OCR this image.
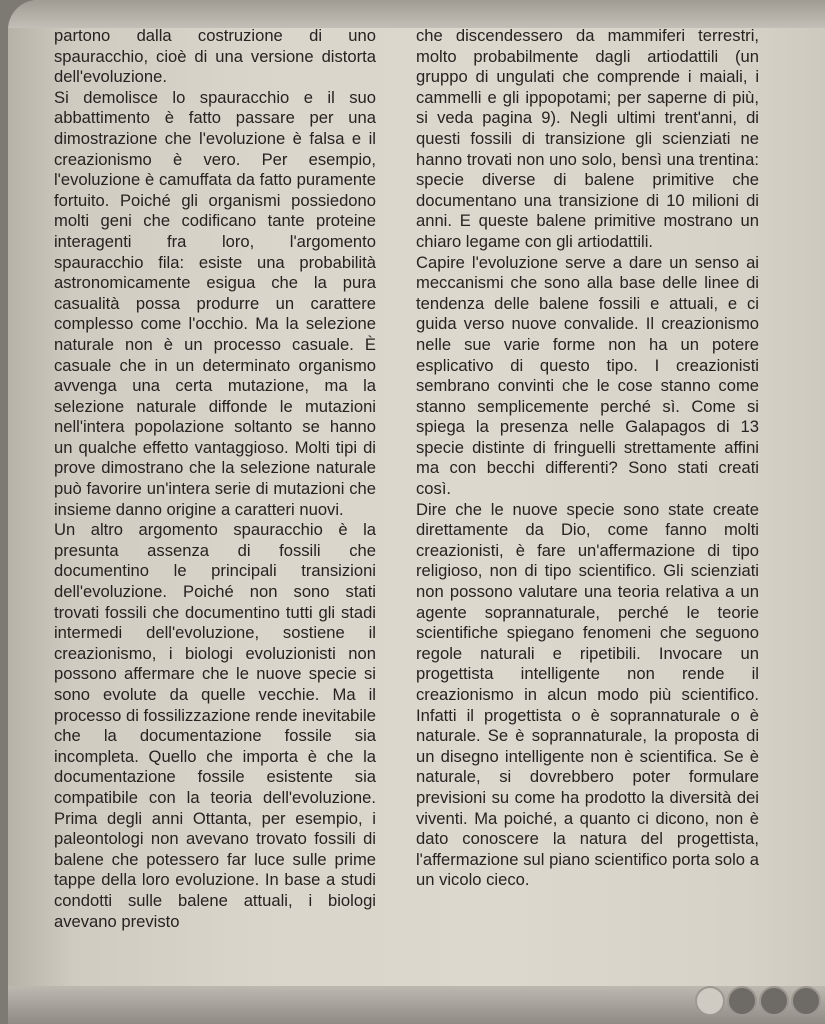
partono dalla costruzione di uno spauracchio, cioè di una versione distorta dell'evoluzione.

Si demolisce lo spauracchio e il suo abbattimento è fatto passare per una dimostrazione che l'evoluzione è falsa e il creazionismo è vero. Per esempio, l'evoluzione è camuffata da fatto puramente fortuito. Poiché gli organismi possiedono molti geni che codificano tante proteine interagenti fra loro, l'argomento spauracchio fila: esiste una probabilità astronomicamente esigua che la pura casualità possa produrre un carattere complesso come l'occhio. Ma la selezione naturale non è un processo casuale. È casuale che in un determinato organismo avvenga una certa mutazione, ma la selezione naturale diffonde le mutazioni nell'intera popolazione soltanto se hanno un qualche effetto vantaggioso. Molti tipi di prove dimostrano che la selezione naturale può favorire un'intera serie di mutazioni che insieme danno origine a caratteri nuovi.

Un altro argomento spauracchio è la presunta assenza di fossili che documentino le principali transizioni dell'evoluzione. Poiché non sono stati trovati fossili che documentino tutti gli stadi intermedi dell'evoluzione, sostiene il creazionismo, i biologi evoluzionisti non possono affermare che le nuove specie si sono evolute da quelle vecchie. Ma il processo di fossilizzazione rende inevitabile che la documentazione fossile sia incompleta. Quello che importa è che la documentazione fossile esistente sia compatibile con la teoria dell'evoluzione. Prima degli anni Ottanta, per esempio, i paleontologi non avevano trovato fossili di balene che potessero far luce sulle prime tappe della loro evoluzione. In base a studi condotti sulle balene attuali, i biologi avevano previsto

che discendessero da mammiferi terrestri, molto probabilmente dagli artiodattili (un gruppo di ungulati che comprende i maiali, i cammelli e gli ippopotami; per saperne di più, si veda pagina 9). Negli ultimi trent'anni, di questi fossili di transizione gli scienziati ne hanno trovati non uno solo, bensì una trentina: specie diverse di balene primitive che documentano una transizione di 10 milioni di anni. E queste balene primitive mostrano un chiaro legame con gli artiodattili.

Capire l'evoluzione serve a dare un senso ai meccanismi che sono alla base delle linee di tendenza delle balene fossili e attuali, e ci guida verso nuove convalide. Il creazionismo nelle sue varie forme non ha un potere esplicativo di questo tipo. I creazionisti sembrano convinti che le cose stanno come stanno semplicemente perché sì. Come si spiega la presenza nelle Galapagos di 13 specie distinte di fringuelli strettamente affini ma con becchi differenti? Sono stati creati così.

Dire che le nuove specie sono state create direttamente da Dio, come fanno molti creazionisti, è fare un'affermazione di tipo religioso, non di tipo scientifico. Gli scienziati non possono valutare una teoria relativa a un agente soprannaturale, perché le teorie scientifiche spiegano fenomeni che seguono regole naturali e ripetibili. Invocare un progettista intelligente non rende il creazionismo in alcun modo più scientifico. Infatti il progettista o è soprannaturale o è naturale. Se è soprannaturale, la proposta di un disegno intelligente non è scientifica. Se è naturale, si dovrebbero poter formulare previsioni su come ha prodotto la diversità dei viventi. Ma poiché, a quanto ci dicono, non è dato conoscere la natura del progettista, l'affermazione sul piano scientifico porta solo a un vicolo cieco.
